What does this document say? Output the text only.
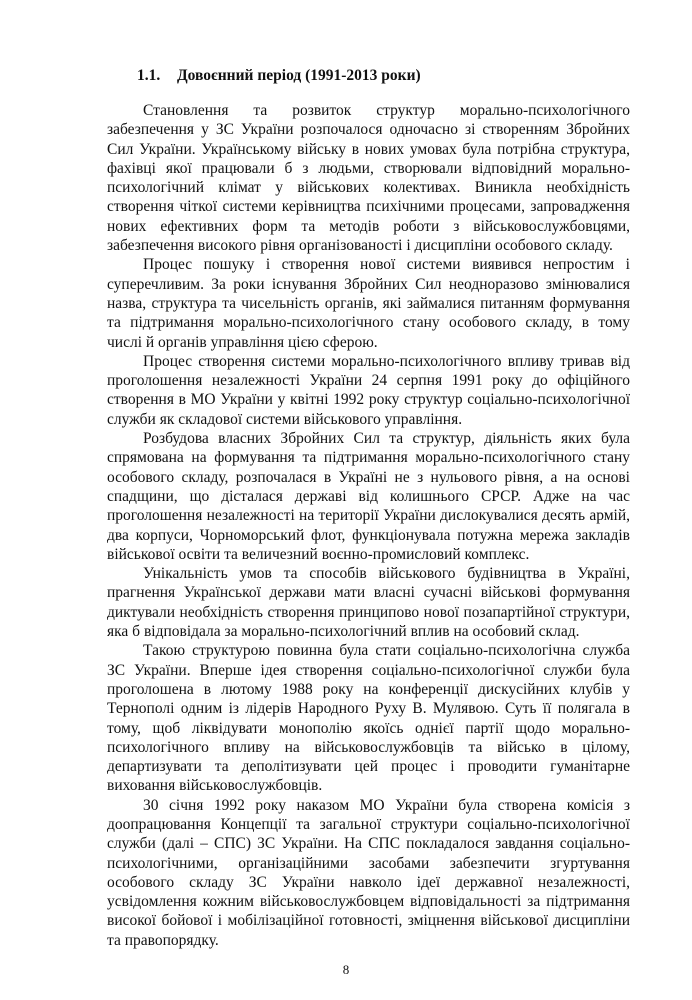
1.1. Довоєнний період (1991-2013 роки)

Становлення та розвиток структур морально-психологічного забезпечення у ЗС України розпочалося одночасно зі створенням Збройних Сил України. Українському війську в нових умовах була потрібна структура, фахівці якої працювали б з людьми, створювали відповідний морально-психологічний клімат у військових колективах. Виникла необхідність створення чіткої системи керівництва психічними процесами, запровадження нових ефективних форм та методів роботи з військовослужбовцями, забезпечення високого рівня організованості і дисципліни особового складу.

Процес пошуку і створення нової системи виявився непростим і суперечливим. За роки існування Збройних Сил неодноразово змінювалися назва, структура та чисельність органів, які займалися питанням формування та підтримання морально-психологічного стану особового складу, в тому числі й органів управління цією сферою.

Процес створення системи морально-психологічного впливу тривав від проголошення незалежності України 24 серпня 1991 року до офіційного створення в МО України у квітні 1992 року структур соціально-психологічної служби як складової системи військового управління.

Розбудова власних Збройних Сил та структур, діяльність яких була спрямована на формування та підтримання морально-психологічного стану особового складу, розпочалася в Україні не з нульового рівня, а на основі спадщини, що дісталася державі від колишнього СРСР. Адже на час проголошення незалежності на території України дислокувалися десять армій, два корпуси, Чорноморський флот, функціонувала потужна мережа закладів військової освіти та величезний воєнно-промисловий комплекс.

Унікальність умов та способів військового будівництва в Україні, прагнення Української держави мати власні сучасні військові формування диктували необхідність створення принципово нової позапартійної структури, яка б відповідала за морально-психологічний вплив на особовий склад.

Такою структурою повинна була стати соціально-психологічна служба ЗС України. Вперше ідея створення соціально-психологічної служби була проголошена в лютому 1988 року на конференції дискусійних клубів у Тернополі одним із лідерів Народного Руху В. Мулявою. Суть її полягала в тому, щоб ліквідувати монополію якоїсь однієї партії щодо морально-психологічного впливу на військовослужбовців та військо в цілому, департизувати та деполітизувати цей процес і проводити гуманітарне виховання військовослужбовців.

30 січня 1992 року наказом МО України була створена комісія з доопрацювання Концепції та загальної структури соціально-психологічної служби (далі – СПС) ЗС України. На СПС покладалося завдання соціально-психологічними, організаційними засобами забезпечити згуртування особового складу ЗС України навколо ідеї державної незалежності, усвідомлення кожним військовослужбовцем відповідальності за підтримання високої бойової і мобілізаційної готовності, зміцнення військової дисципліни та правопорядку.

8
